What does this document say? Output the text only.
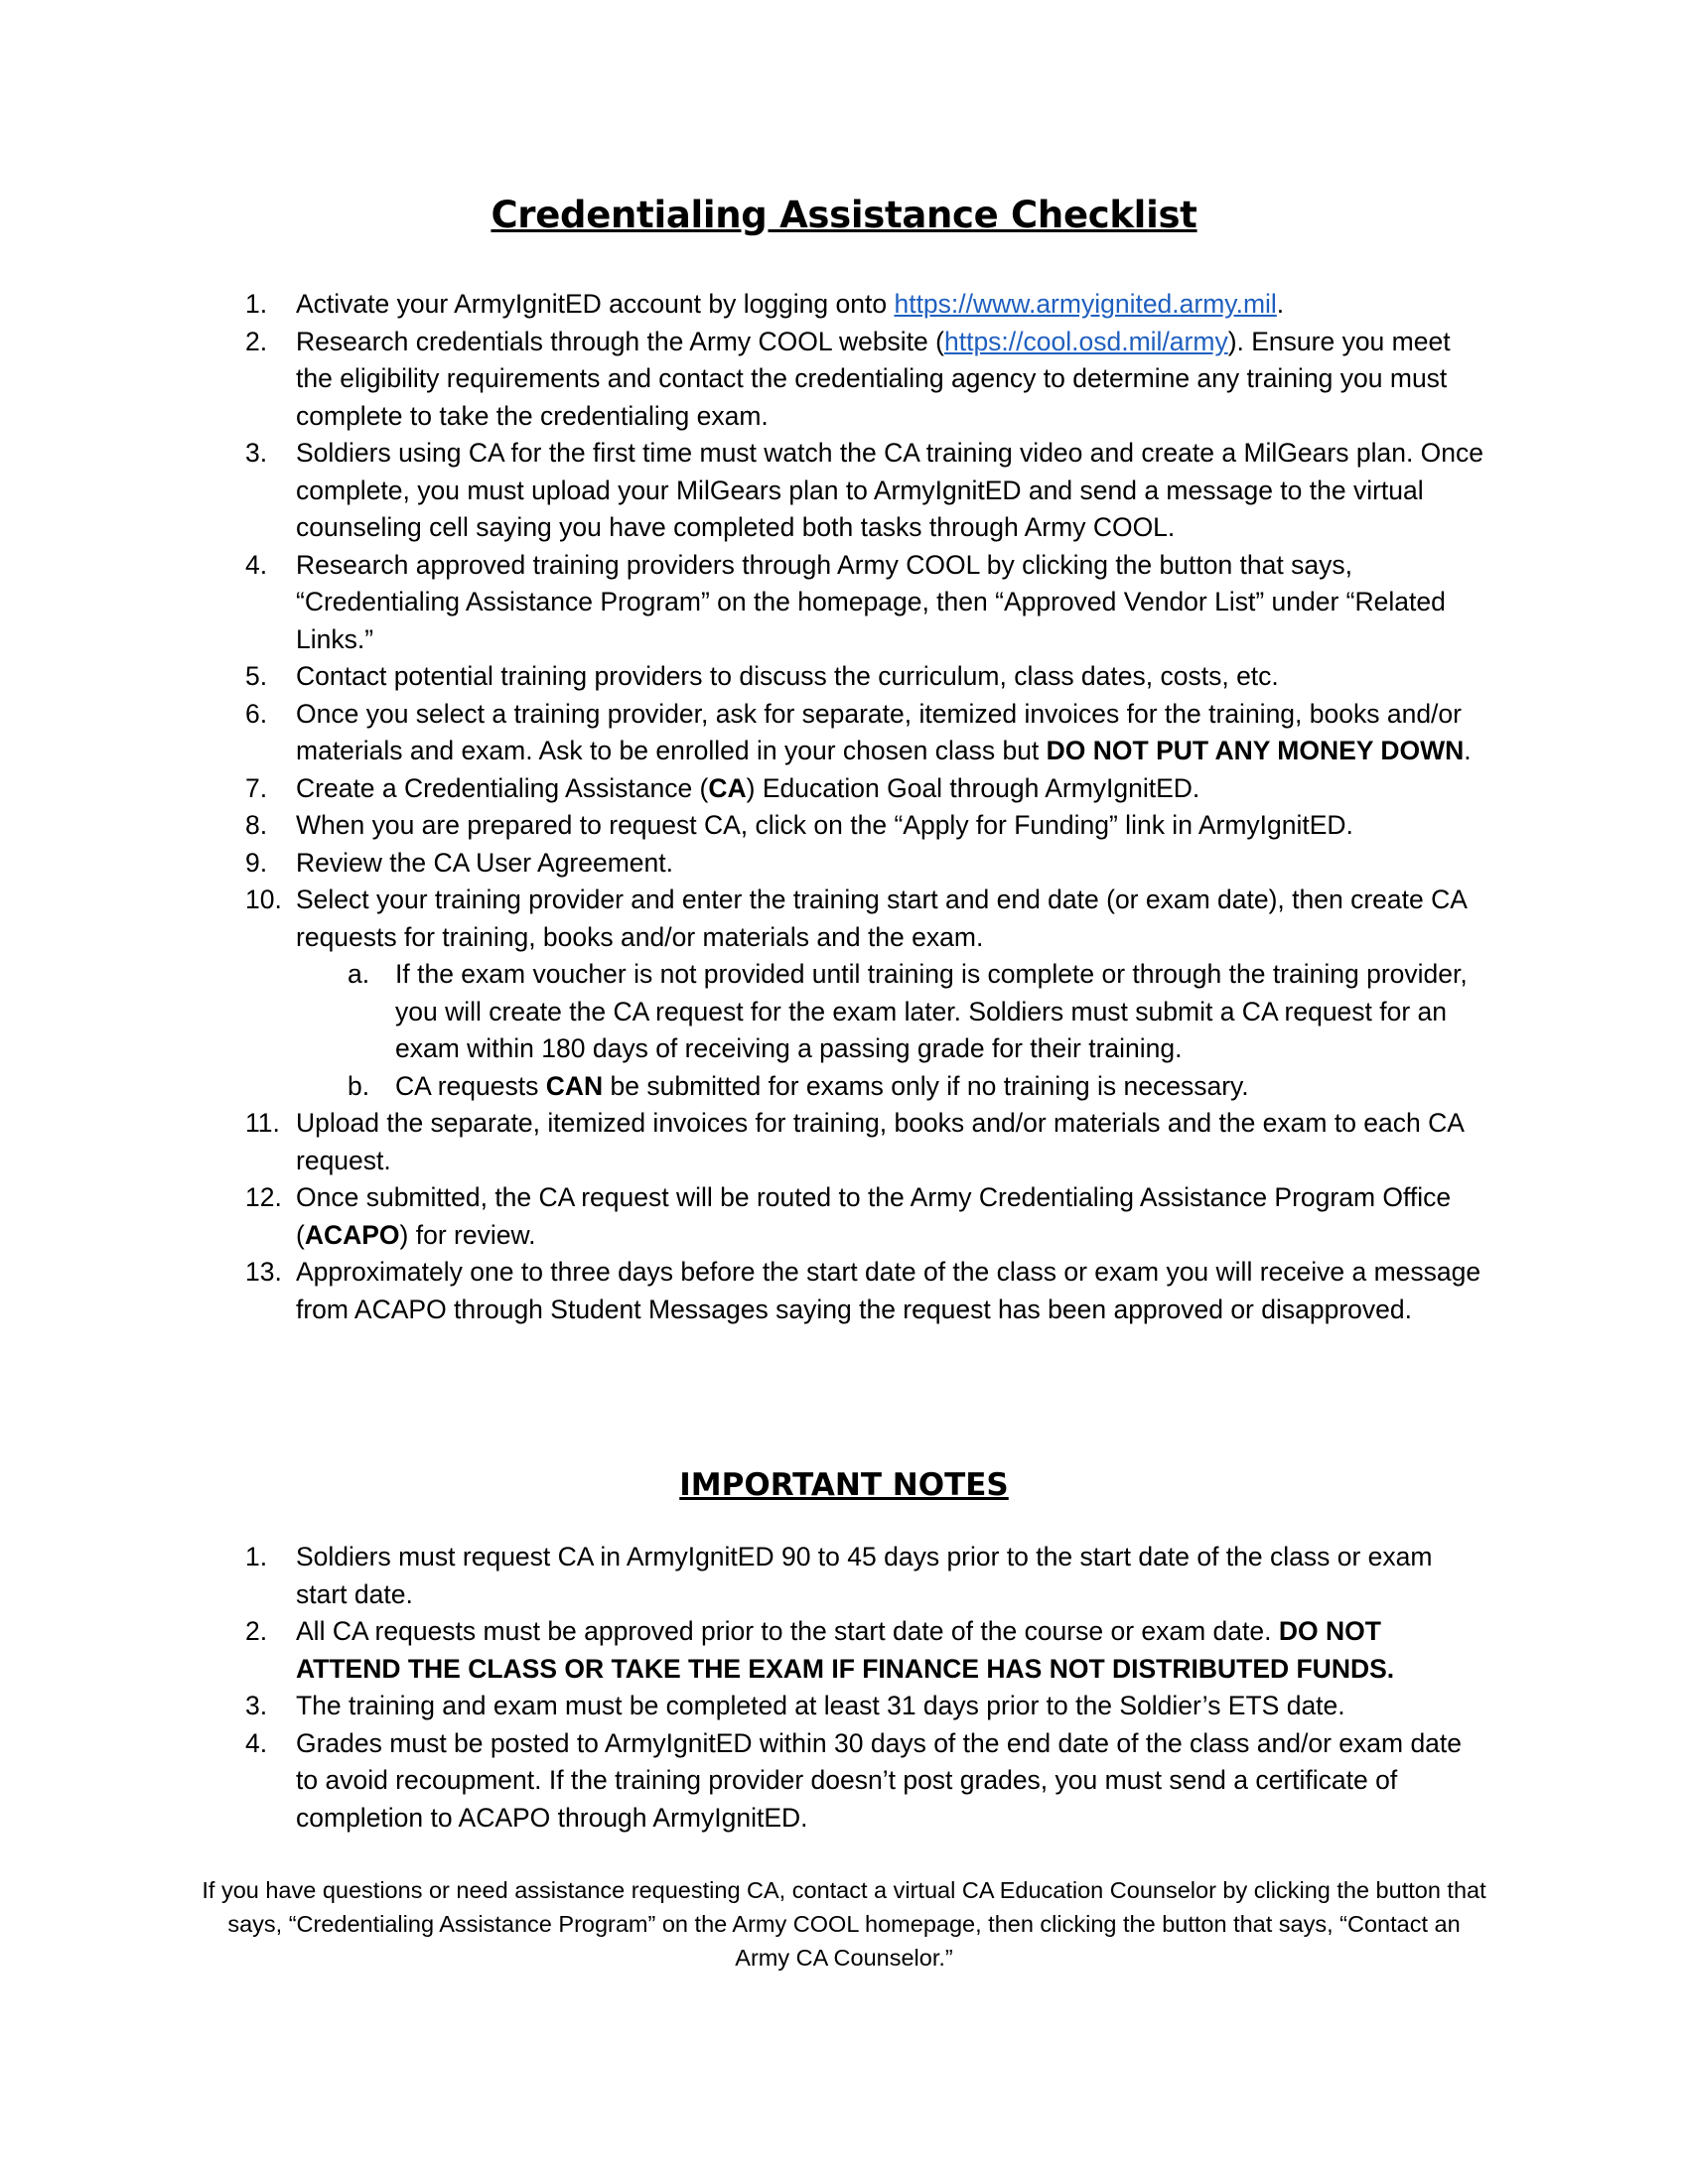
Credentialing Assistance Checklist
1. Activate your ArmyIgnitED account by logging onto https://www.armyignited.army.mil.
2. Research credentials through the Army COOL website (https://cool.osd.mil/army). Ensure you meet the eligibility requirements and contact the credentialing agency to determine any training you must complete to take the credentialing exam.
3. Soldiers using CA for the first time must watch the CA training video and create a MilGears plan. Once complete, you must upload your MilGears plan to ArmyIgnitED and send a message to the virtual counseling cell saying you have completed both tasks through Army COOL.
4. Research approved training providers through Army COOL by clicking the button that says, “Credentialing Assistance Program” on the homepage, then “Approved Vendor List” under “Related Links.”
5. Contact potential training providers to discuss the curriculum, class dates, costs, etc.
6. Once you select a training provider, ask for separate, itemized invoices for the training, books and/or materials and exam. Ask to be enrolled in your chosen class but DO NOT PUT ANY MONEY DOWN.
7. Create a Credentialing Assistance (CA) Education Goal through ArmyIgnitED.
8. When you are prepared to request CA, click on the “Apply for Funding” link in ArmyIgnitED.
9. Review the CA User Agreement.
10. Select your training provider and enter the training start and end date (or exam date), then create CA requests for training, books and/or materials and the exam.
a. If the exam voucher is not provided until training is complete or through the training provider, you will create the CA request for the exam later. Soldiers must submit a CA request for an exam within 180 days of receiving a passing grade for their training.
b. CA requests CAN be submitted for exams only if no training is necessary.
11. Upload the separate, itemized invoices for training, books and/or materials and the exam to each CA request.
12. Once submitted, the CA request will be routed to the Army Credentialing Assistance Program Office (ACAPO) for review.
13. Approximately one to three days before the start date of the class or exam you will receive a message from ACAPO through Student Messages saying the request has been approved or disapproved.
IMPORTANT NOTES
1. Soldiers must request CA in ArmyIgnitED 90 to 45 days prior to the start date of the class or exam start date.
2. All CA requests must be approved prior to the start date of the course or exam date. DO NOT ATTEND THE CLASS OR TAKE THE EXAM IF FINANCE HAS NOT DISTRIBUTED FUNDS.
3. The training and exam must be completed at least 31 days prior to the Soldier’s ETS date.
4. Grades must be posted to ArmyIgnitED within 30 days of the end date of the class and/or exam date to avoid recoupment. If the training provider doesn’t post grades, you must send a certificate of completion to ACAPO through ArmyIgnitED.
If you have questions or need assistance requesting CA, contact a virtual CA Education Counselor by clicking the button that says, “Credentialing Assistance Program” on the Army COOL homepage, then clicking the button that says, “Contact an Army CA Counselor.”
